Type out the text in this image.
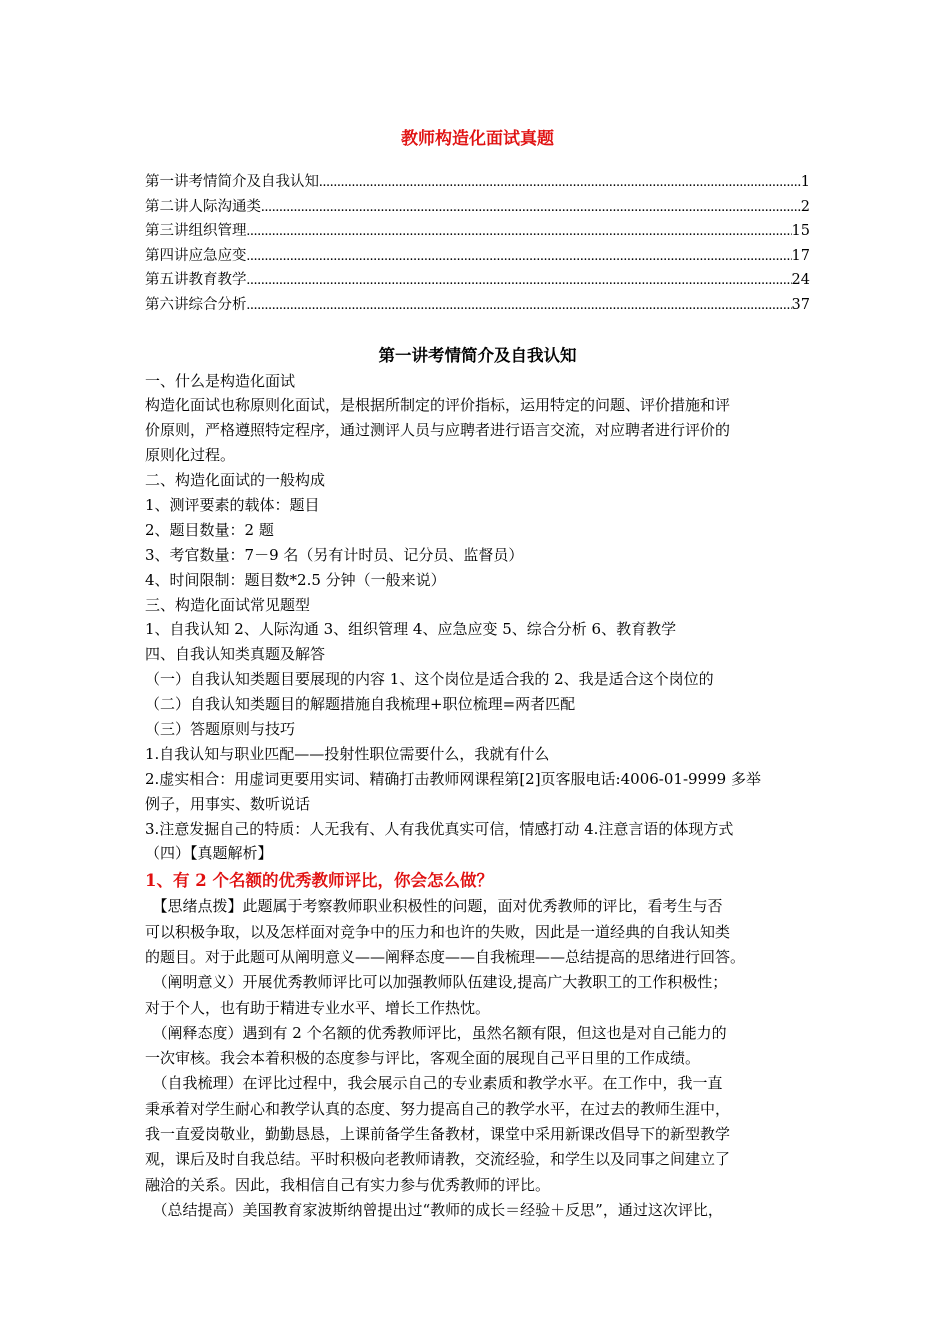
教师构造化面试真题
第一讲考情简介及自我认知 .....	1
第二讲人际沟通类 .....	2
第三讲组织管理 .....	15
第四讲应急应变 .....	17
第五讲教育教学 .....	24
第六讲综合分析 .....	37
第一讲考情简介及自我认知
一、什么是构造化面试
构造化面试也称原则化面试，是根据所制定的评价指标，运用特定的问题、评价措施和评
价原则，严格遵照特定程序，通过测评人员与应聘者进行语言交流，对应聘者进行评价的
原则化过程。
二、构造化面试的一般构成
1、测评要素的载体：题目
2、题目数量：2 题
3、考官数量：7－9 名（另有计时员、记分员、监督员）
4、时间限制：题目数*2.5 分钟（一般来说）
三、构造化面试常见题型
1、自我认知 2、人际沟通 3、组织管理 4、应急应变 5、综合分析 6、教育教学
四、自我认知类真题及解答
（一）自我认知类题目要展现的内容 1、这个岗位是适合我的 2、我是适合这个岗位的
（二）自我认知类题目的解题措施自我梳理+职位梳理=两者匹配
（三）答题原则与技巧
1.自我认知与职业匹配——投射性职位需要什么，我就有什么
2.虚实相合：用虚词更要用实词、精确打击教师网课程第[2]页客服电话:4006-01-9999 多举
例子，用事实、数听说话
3.注意发掘自己的特质：人无我有、人有我优真实可信，情感打动 4.注意言语的体现方式
（四）【真题解析】
1、有 2 个名额的优秀教师评比，你会怎么做？
　【思绪点拨】此题属于考察教师职业积极性的问题，面对优秀教师的评比，看考生与否
可以积极争取，以及怎样面对竞争中的压力和也许的失败，因此是一道经典的自我认知类
的题目。对于此题可从阐明意义——阐释态度——自我梳理——总结提高的思绪进行回答。
　（阐明意义）开展优秀教师评比可以加强教师队伍建设,提高广大教职工的工作积极性；
对于个人，也有助于精进专业水平、增长工作热忱。
　（阐释态度）遇到有 2 个名额的优秀教师评比，虽然名额有限，但这也是对自己能力的
一次审核。我会本着积极的态度参与评比，客观全面的展现自己平日里的工作成绩。
　（自我梳理）在评比过程中，我会展示自己的专业素质和教学水平。在工作中，我一直
秉承着对学生耐心和教学认真的态度、努力提高自己的教学水平，在过去的教师生涯中，
我一直爱岗敬业，勤勤恳恳，上课前备学生备教材，课堂中采用新课改倡导下的新型教学
观，课后及时自我总结。平时积极向老教师请教，交流经验，和学生以及同事之间建立了
融洽的关系。因此，我相信自己有实力参与优秀教师的评比。
　（总结提高）美国教育家波斯纳曾提出过“教师的成长＝经验＋反思”，通过这次评比，
